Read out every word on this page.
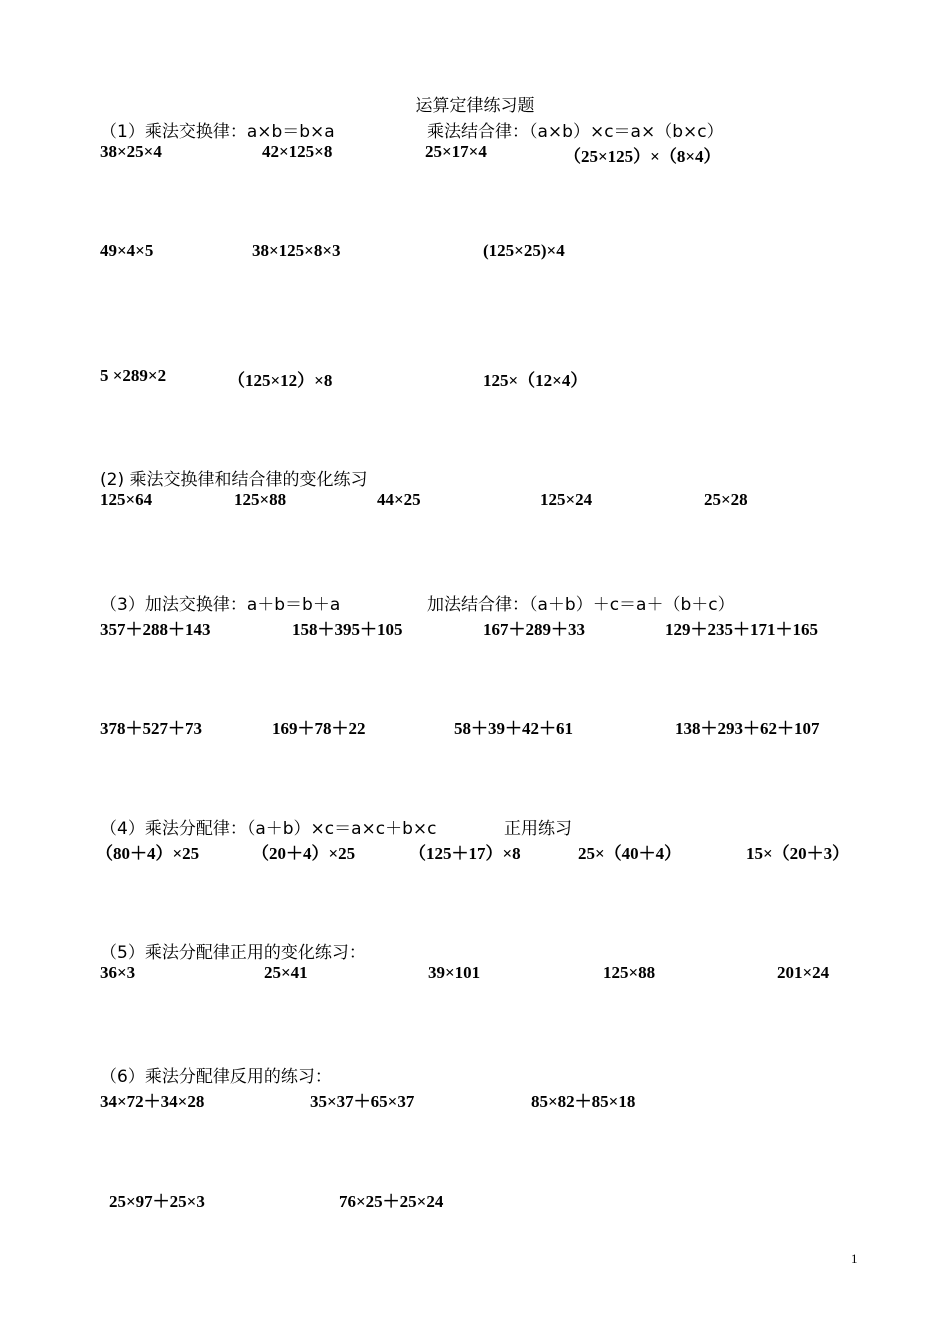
运算定律练习题
（1）乘法交换律：a×b＝b×a	乘法结合律：（a×b）×c＝a×（b×c）
38×25×4	42×125×8	25×17×4	（25×125）×（8×4）
49×4×5	38×125×8×3	(125×25)×4
5 ×289×2	（125×12）×8	125×（12×4）
(2) 乘法交换律和结合律的变化练习
125×64	125×88	44×25	125×24	25×28
（3）加法交换律：a＋b＝b＋a	加法结合律：（a＋b）＋c＝a＋（b＋c）
357＋288＋143	158＋395＋105	167＋289＋33	129＋235＋171＋165
378＋527＋73	169＋78＋22	58＋39＋42＋61	138＋293＋62＋107
（4）乘法分配律：（a＋b）×c＝a×c＋b×c	正用练习
（80＋4）×25	（20＋4）×25	（125＋17）×8	25×（40＋4）	15×（20＋3）
（5）乘法分配律正用的变化练习：
36×3	25×41	39×101	125×88	201×24
（6）乘法分配律反用的练习：
34×72＋34×28	35×37＋65×37	85×82＋85×18
25×97＋25×3	76×25＋25×24
1
